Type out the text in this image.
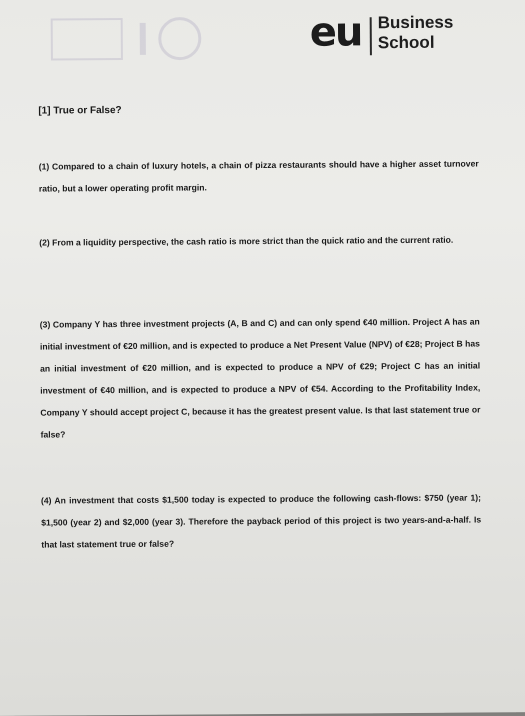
eu Business
School
[1] True or False?
(1) Compared to a chain of luxury hotels, a chain of pizza restaurants should have a higher asset turnover ratio, but a lower operating profit margin.
(2) From a liquidity perspective, the cash ratio is more strict than the quick ratio and the current ratio.
(3) Company Y has three investment projects (A, B and C) and can only spend €40 million. Project A has an initial investment of €20 million, and is expected to produce a Net Present Value (NPV) of €28; Project B has an initial investment of €20 million, and is expected to produce a NPV of €29; Project C has an initial investment of €40 million, and is expected to produce a NPV of €54. According to the Profitability Index, Company Y should accept project C, because it has the greatest present value. Is that last statement true or false?
(4) An investment that costs $1,500 today is expected to produce the following cash-flows: $750 (year 1); $1,500 (year 2) and $2,000 (year 3). Therefore the payback period of this project is two years-and-a-half. Is that last statement true or false?
